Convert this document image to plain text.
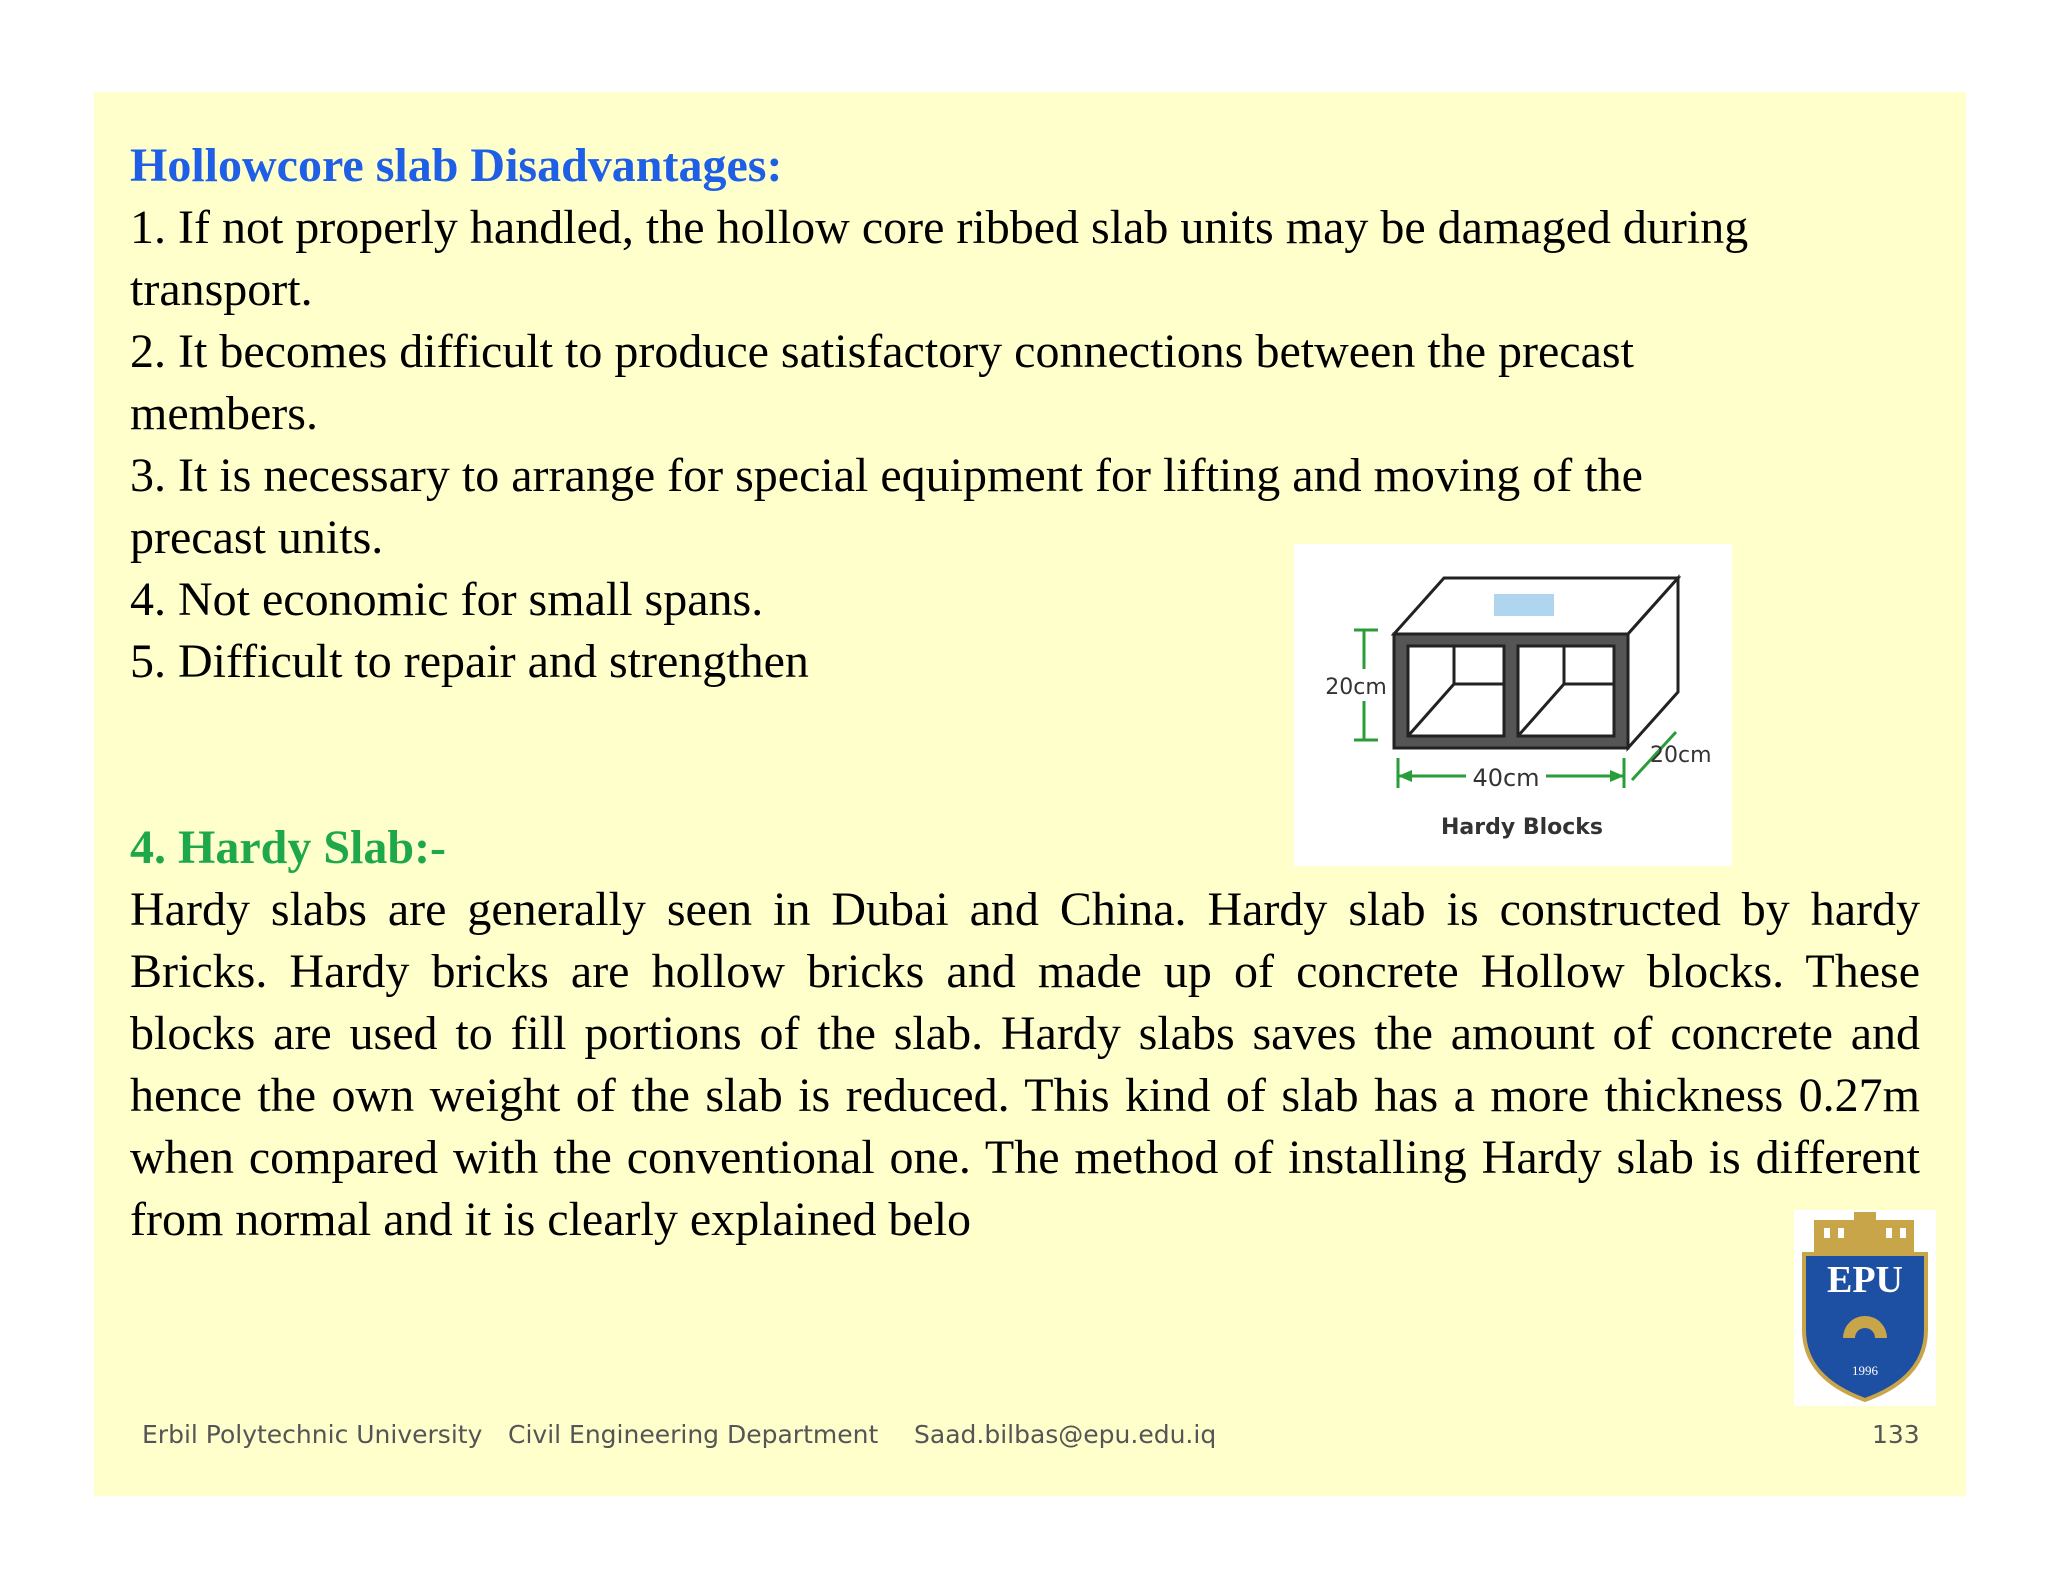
Hollowcore slab Disadvantages:
1. If not properly handled, the hollow core ribbed slab units may be damaged during
transport.
2. It becomes difficult to produce satisfactory connections between the precast
members.
3. It is necessary to arrange for special equipment for lifting and moving of the
precast units.
4. Not economic for small spans.
5. Difficult to repair and strengthen
4. Hardy Slab:-
Hardy slabs are generally seen in Dubai and China. Hardy slab is constructed by hardy Bricks. Hardy bricks are hollow bricks and made up of concrete Hollow blocks. These blocks are used to fill portions of the slab. Hardy slabs saves the amount of concrete and hence the own weight of the slab is reduced. This kind of slab has a more thickness 0.27m when compared with the conventional one. The method of installing Hardy slab is different from normal and it is clearly explained belo
20cm
40cm
20cm
Hardy Blocks
EPU
1996
Erbil Polytechnic University Civil Engineering Department Saad.bilbas@epu.edu.iq	133
